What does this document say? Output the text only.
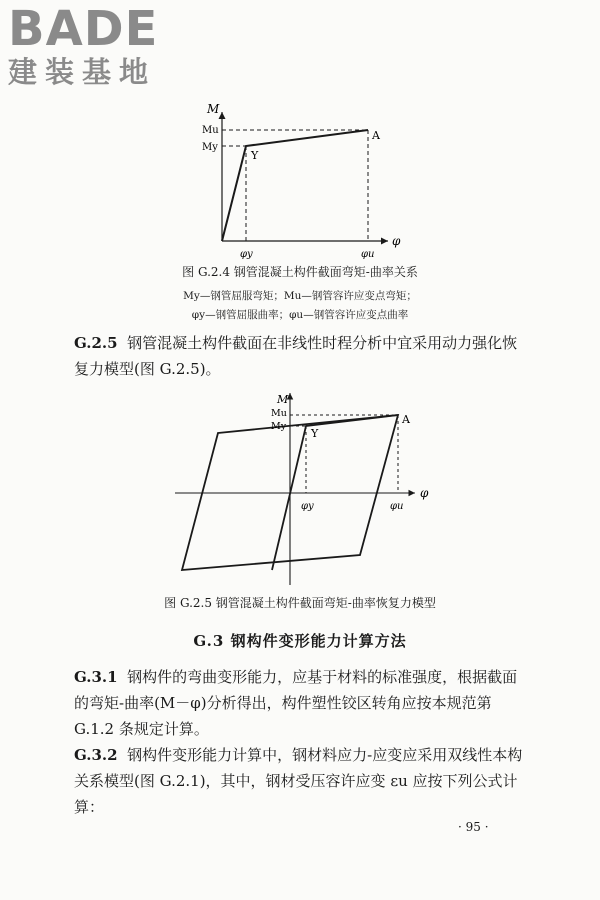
BADE
建装基地
M
Mu
My
Y
A
φ
φy	φu
M
Mu
My
Y
A
φ
φy	φu
图 G.2.4 钢管混凝土构件截面弯矩-曲率关系
My—钢管屈服弯矩；Mu—钢管容许应变点弯矩；
φy—钢管屈服曲率；φu—钢管容许应变点曲率
G.2.5 钢管混凝土构件截面在非线性时程分析中宜采用动力强化恢复力模型(图 G.2.5)。
图 G.2.5 钢管混凝土构件截面弯矩-曲率恢复力模型
G.3 钢构件变形能力计算方法
G.3.1 钢构件的弯曲变形能力，应基于材料的标准强度，根据截面的弯矩-曲率(M－φ)分析得出，构件塑性铰区转角应按本规范第 G.1.2 条规定计算。
G.3.2 钢构件变形能力计算中，钢材料应力-应变应采用双线性本构关系模型(图 G.2.1)，其中，钢材受压容许应变 εu 应按下列公式计算：
· 95 ·
